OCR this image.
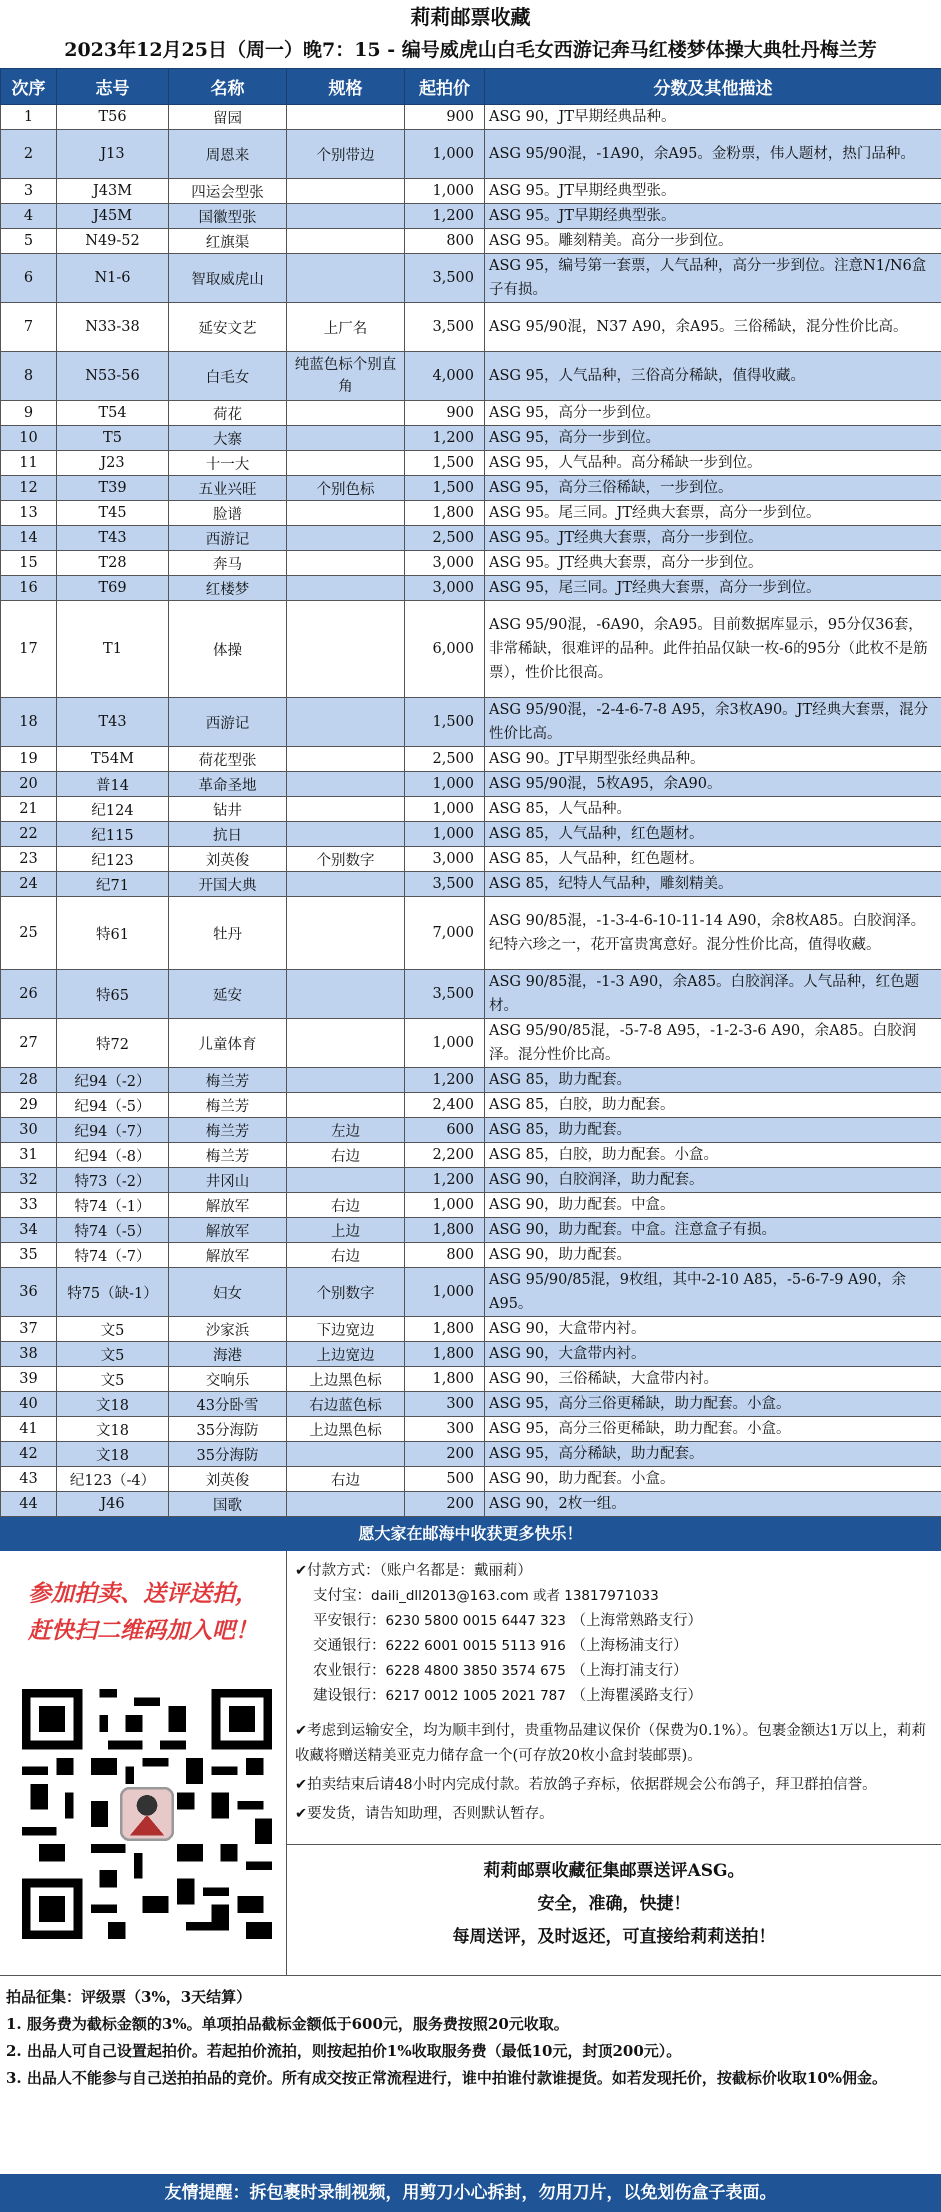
莉莉邮票收藏
2023年12月25日（周一）晚7：15 - 编号威虎山白毛女西游记奔马红楼梦体操大典牡丹梅兰芳
次序	志号	名称	规格	起拍价	分数及其他描述
1	T56	留园		900	ASG 90，JT早期经典品种。
2	J13	周恩来	个别带边	1,000	ASG 95/90混，-1A90，余A95。金粉票，伟人题材，热门品种。
3	J43M	四运会型张		1,000	ASG 95。JT早期经典型张。
4	J45M	国徽型张		1,200	ASG 95。JT早期经典型张。
5	N49-52	红旗渠		800	ASG 95。雕刻精美。高分一步到位。
6	N1-6	智取威虎山		3,500	ASG 95，编号第一套票，人气品种，高分一步到位。注意N1/N6盒子有损。
7	N33-38	延安文艺	上厂名	3,500	ASG 95/90混，N37 A90，余A95。三俗稀缺，混分性价比高。
8	N53-56	白毛女	纯蓝色标个别直角	4,000	ASG 95，人气品种，三俗高分稀缺，值得收藏。
9	T54	荷花		900	ASG 95，高分一步到位。
10	T5	大寨		1,200	ASG 95，高分一步到位。
11	J23	十一大		1,500	ASG 95，人气品种。高分稀缺一步到位。
12	T39	五业兴旺	个别色标	1,500	ASG 95，高分三俗稀缺，一步到位。
13	T45	脸谱		1,800	ASG 95。尾三同。JT经典大套票，高分一步到位。
14	T43	西游记		2,500	ASG 95。JT经典大套票，高分一步到位。
15	T28	奔马		3,000	ASG 95。JT经典大套票，高分一步到位。
16	T69	红楼梦		3,000	ASG 95，尾三同。JT经典大套票，高分一步到位。
17	T1	体操		6,000	ASG 95/90混，-6A90，余A95。目前数据库显示，95分仅36套，非常稀缺，很难评的品种。此件拍品仅缺一枚-6的95分（此枚不是筋票），性价比很高。
18	T43	西游记		1,500	ASG 95/90混，-2-4-6-7-8 A95，余3枚A90。JT经典大套票，混分性价比高。
19	T54M	荷花型张		2,500	ASG 90。JT早期型张经典品种。
20	普14	革命圣地		1,000	ASG 95/90混，5枚A95，余A90。
21	纪124	钻井		1,000	ASG 85，人气品种。
22	纪115	抗日		1,000	ASG 85，人气品种，红色题材。
23	纪123	刘英俊	个别数字	3,000	ASG 85，人气品种，红色题材。
24	纪71	开国大典		3,500	ASG 85，纪特人气品种，雕刻精美。
25	特61	牡丹		7,000	ASG 90/85混，-1-3-4-6-10-11-14 A90，余8枚A85。白胶润泽。纪特六珍之一，花开富贵寓意好。混分性价比高，值得收藏。
26	特65	延安		3,500	ASG 90/85混，-1-3 A90，余A85。白胶润泽。人气品种，红色题材。
27	特72	儿童体育		1,000	ASG 95/90/85混，-5-7-8 A95，-1-2-3-6 A90，余A85。白胶润泽。混分性价比高。
28	纪94（-2）	梅兰芳		1,200	ASG 85，助力配套。
29	纪94（-5）	梅兰芳		2,400	ASG 85，白胶，助力配套。
30	纪94（-7）	梅兰芳	左边	600	ASG 85，助力配套。
31	纪94（-8）	梅兰芳	右边	2,200	ASG 85，白胶，助力配套。小盒。
32	特73（-2）	井冈山		1,200	ASG 90，白胶润泽，助力配套。
33	特74（-1）	解放军	右边	1,000	ASG 90，助力配套。中盒。
34	特74（-5）	解放军	上边	1,800	ASG 90，助力配套。中盒。注意盒子有损。
35	特74（-7）	解放军	右边	800	ASG 90，助力配套。
36	特75（缺-1）	妇女	个别数字	1,000	ASG 95/90/85混，9枚组，其中-2-10 A85，-5-6-7-9 A90，余A95。
37	文5	沙家浜	下边宽边	1,800	ASG 90，大盒带内衬。
38	文5	海港	上边宽边	1,800	ASG 90，大盒带内衬。
39	文5	交响乐	上边黑色标	1,800	ASG 90，三俗稀缺，大盒带内衬。
40	文18	43分卧雪	右边蓝色标	300	ASG 95，高分三俗更稀缺，助力配套。小盒。
41	文18	35分海防	上边黑色标	300	ASG 95，高分三俗更稀缺，助力配套。小盒。
42	文18	35分海防		200	ASG 95，高分稀缺，助力配套。
43	纪123（-4）	刘英俊	右边	500	ASG 90，助力配套。小盒。
44	J46	国歌		200	ASG 90，2枚一组。
愿大家在邮海中收获更多快乐！
参加拍卖、送评送拍，
赶快扫二维码加入吧！
✔付款方式：（账户名都是：戴丽莉）
支付宝：daili_dll2013@163.com 或者 13817971033
平安银行：6230 5800 0015 6447 323 （上海常熟路支行）
交通银行：6222 6001 0015 5113 916 （上海杨浦支行）
农业银行：6228 4800 3850 3574 675 （上海打浦支行）
建设银行：6217 0012 1005 2021 787 （上海瞿溪路支行）
✔考虑到运输安全，均为顺丰到付，贵重物品建议保价（保费为0.1%）。包裹金额达1万以上，莉莉收藏将赠送精美亚克力储存盒一个(可存放20枚小盒封装邮票)。
✔拍卖结束后请48小时内完成付款。若放鸽子弃标，依据群规会公布鸽子，拜卫群拍信誉。
✔要发货，请告知助理，否则默认暂存。
莉莉邮票收藏征集邮票送评ASG。
安全，准确，快捷！
每周送评，及时返还，可直接给莉莉送拍！
拍品征集：评级票（3%，3天结算）
1. 服务费为截标金额的3%。单项拍品截标金额低于600元，服务费按照20元收取。
2. 出品人可自己设置起拍价。若起拍价流拍，则按起拍价1%收取服务费（最低10元，封顶200元）。
3. 出品人不能参与自己送拍拍品的竞价。所有成交按正常流程进行，谁中拍谁付款谁提货。如若发现托价，按截标价收取10%佣金。
友情提醒：拆包裹时录制视频，用剪刀小心拆封，勿用刀片，以免划伤盒子表面。
